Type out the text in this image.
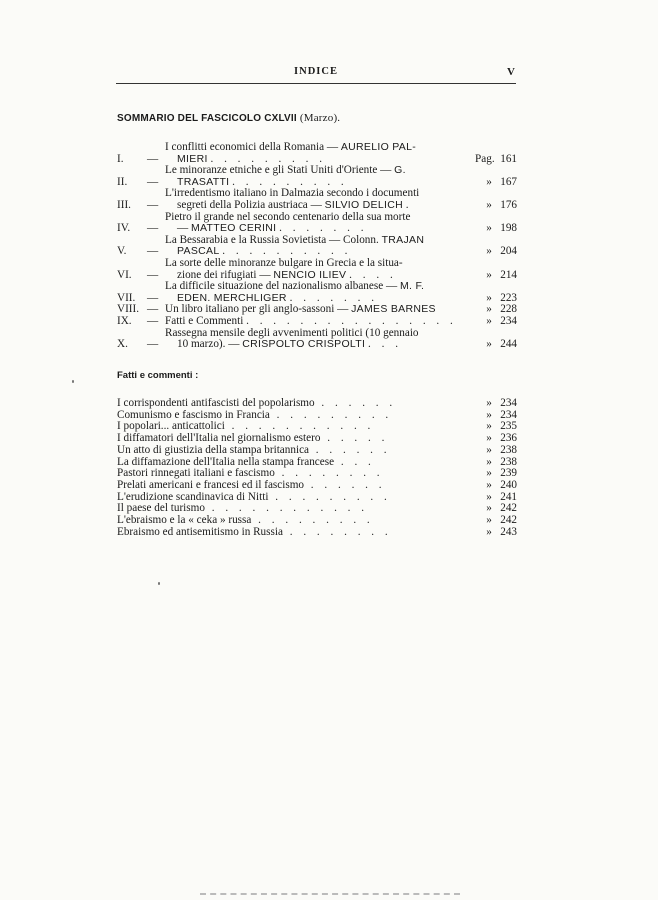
INDICE	V
SOMMARIO DEL FASCICOLO CXLVII (Marzo).
I.	—
I conflitti economici della Romania — AURELIO PAL-
MIERI . . . . . . . . .	Pag. 161
II.	—
Le minoranze etniche e gli Stati Uniti d'Oriente — G.
TRASATTI . . . . . . . . .	» 167
III.	—
L'irredentismo italiano in Dalmazia secondo i documenti
segreti della Polizia austriaca — SILVIO DELICH .	» 176
IV.	—
Pietro il grande nel secondo centenario della sua morte
— MATTEO CERINI . . . . . . .	» 198
V.	—
La Bessarabia e la Russia Sovietista — Colonn. TRAJAN
PASCAL . . . . . . . . . .	» 204
VI.	—
La sorte delle minoranze bulgare in Grecia e la situa-
zione dei rifugiati — NENCIO ILIEV . . . .	» 214
VII.	—
La difficile situazione del nazionalismo albanese — M. F.
EDEN. MERCHLIGER . . . . . . .	» 223
VIII. — Un libro italiano per gli anglo-sassoni — JAMES BARNES	» 228
IX.	— Fatti e Commenti . . . . . . . . . . . . . . . .	» 234
X.	—
Rassegna mensile degli avvenimenti politici (10 gennaio
10 marzo). — CRISPOLTO CRISPOLTI . . .	» 244
Fatti e commenti :
I corrispondenti antifascisti del popolarismo . . . . . .	» 234
Comunismo e fascismo in Francia . . . . . . . . .	» 234
I popolari... anticattolici . . . . . . . . . . .	» 235
I diffamatori dell'Italia nel giornalismo estero . . . . .	» 236
Un atto di giustizia della stampa britannica . . . . . .	» 238
La diffamazione dell'Italia nella stampa francese . . .	» 238
Pastori rinnegati italiani e fascismo . . . . . . . .	» 239
Prelati americani e francesi ed il fascismo . . . . . .	» 240
L'erudizione scandinavica di Nitti . . . . . . . . .	» 241
Il paese del turismo . . . . . . . . . . . .	» 242
L'ebraismo e la « ceka » russa . . . . . . . . .	» 242
Ebraismo ed antisemitismo in Russia . . . . . . . .	» 243
